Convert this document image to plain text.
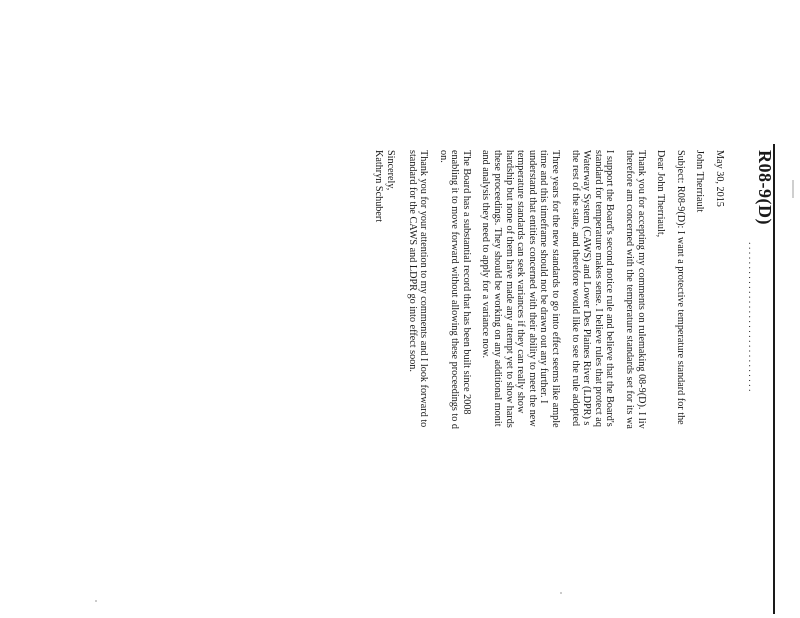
R08-9(D)
...............................
May 30, 2015
John Therriault
Subject: R08-9(D): I want a protective temperature standard for the
Dear John Therriault,
Thank you for accepting my comments on rulemaking 08-9(D). I liv
therefore am concerned with the temperature standards set for its wa
I support the Board's second notice rule and believe that the Board's
standard for temperature makes sense. I believe rules that protect aq
Waterway System (CAWS) and Lower Des Plaines River (LDPR) s
the rest of the state, and therefore would like to see the rule adopted
Three years for the new standards to go into effect seems like ample
time and this timeframe should not be drawn out any further. I
understand that entities concerned with their ability to meet the new
temperature standards can seek variances if they can really show
hardship but none of them have made any attempt yet to show hards
these proceedings. They should be working on any additional monit
and analysis they need to apply for a variance now.
The Board has a substantial record that has been built since 2008
enabling it to move forward without allowing these proceedings to d
on.
Thank you for your attention to my comments and I look forward to
standard for the CAWS and LDPR go into effect soon.
Sincerely,
Kathryn Schubert
